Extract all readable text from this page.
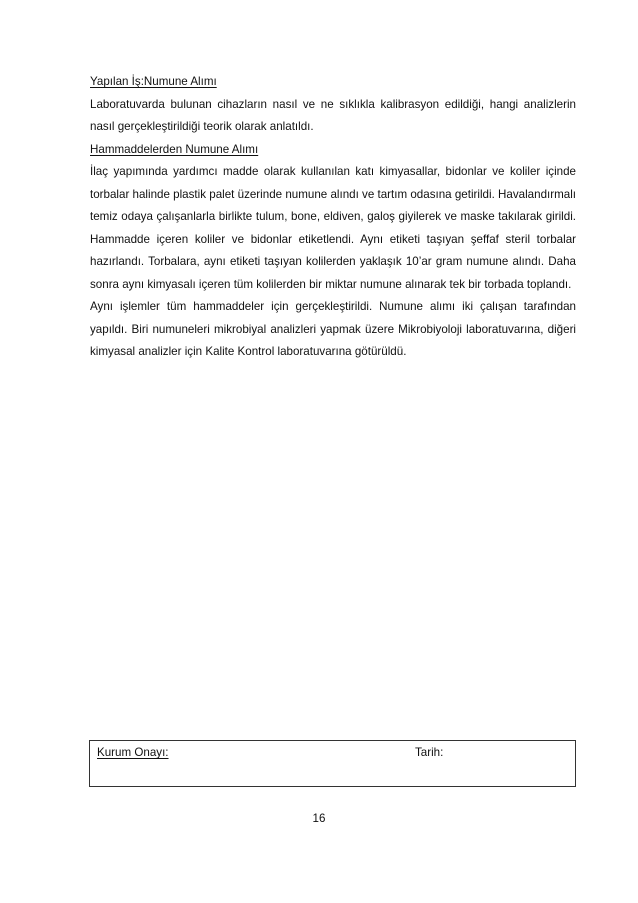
Yapılan İş:Numune Alımı

Laboratuvarda bulunan cihazların nasıl ve ne sıklıkla kalibrasyon edildiği, hangi analizlerin nasıl gerçekleştirildiği teorik olarak anlatıldı.

Hammaddelerden Numune Alımı

İlaç yapımında yardımcı madde olarak kullanılan katı kimyasallar, bidonlar ve koliler içinde torbalar halinde plastik palet üzerinde numune alındı ve tartım odasına getirildi. Havalandırmalı temiz odaya çalışanlarla birlikte tulum, bone, eldiven, galoş giyilerek ve maske takılarak girildi. Hammadde içeren koliler ve bidonlar etiketlendi. Aynı etiketi taşıyan şeffaf steril torbalar hazırlandı. Torbalara, aynı etiketi taşıyan kolilerden yaklaşık 10’ar gram numune alındı. Daha sonra aynı kimyasalı içeren tüm kolilerden bir miktar numune alınarak tek bir torbada toplandı.

Aynı işlemler tüm hammaddeler için gerçekleştirildi. Numune alımı iki çalışan tarafından yapıldı. Biri numuneleri mikrobiyal analizleri yapmak üzere Mikrobiyoloji laboratuvarına, diğeri kimyasal analizler için Kalite Kontrol laboratuvarına götürüldü.

Kurum Onayı:	Tarih:
16
